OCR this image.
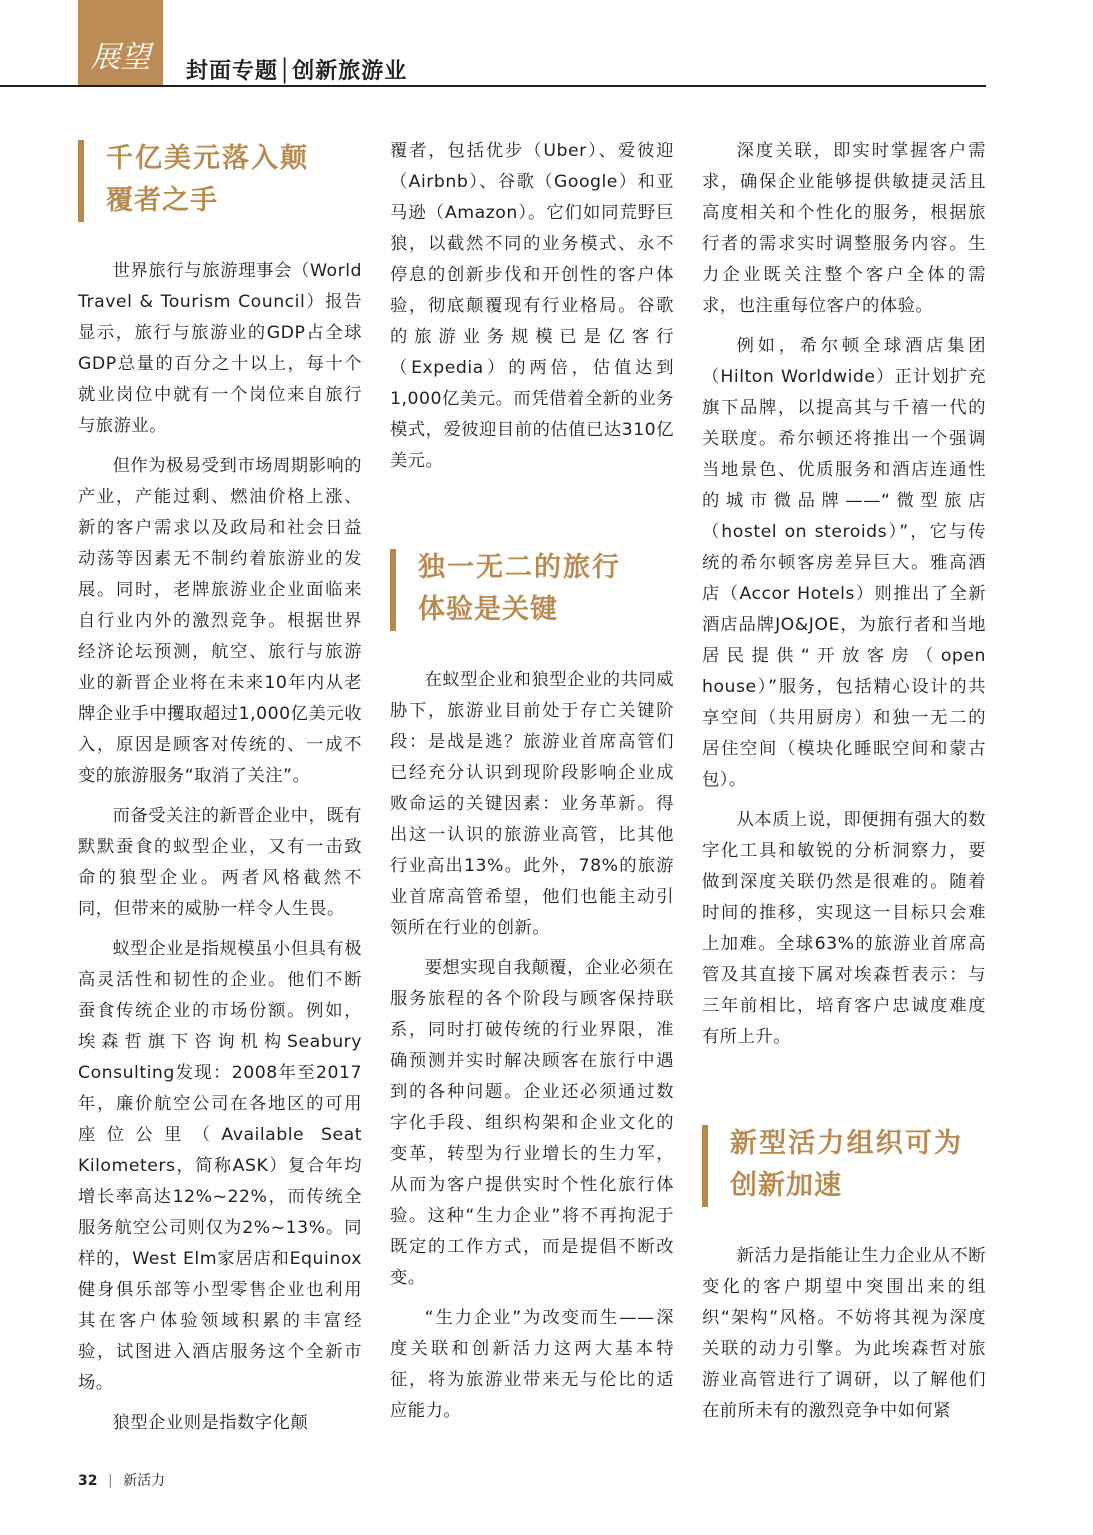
展望 封面专题│创新旅游业
千亿美元落入颠覆者之手

世界旅行与旅游理事会（World Travel & Tourism Council）报告显示，旅行与旅游业的GDP占全球GDP总量的百分之十以上，每十个就业岗位中就有一个岗位来自旅行与旅游业。

但作为极易受到市场周期影响的产业，产能过剩、燃油价格上涨、新的客户需求以及政局和社会日益动荡等因素无不制约着旅游业的发展。同时，老牌旅游业企业面临来自行业内外的激烈竞争。根据世界经济论坛预测，航空、旅行与旅游业的新晋企业将在未来10年内从老牌企业手中攫取超过1,000亿美元收入，原因是顾客对传统的、一成不变的旅游服务“取消了关注”。

而备受关注的新晋企业中，既有默默蚕食的蚁型企业，又有一击致命的狼型企业。两者风格截然不同，但带来的威胁一样令人生畏。

蚁型企业是指规模虽小但具有极高灵活性和韧性的企业。他们不断蚕食传统企业的市场份额。例如，埃森哲旗下咨询机构Seabury Consulting发现：2008年至2017年，廉价航空公司在各地区的可用座位公里（Available Seat Kilometers，简称ASK）复合年均增长率高达12%~22%，而传统全服务航空公司则仅为2%~13%。同样的，West Elm家居店和Equinox健身俱乐部等小型零售企业也利用其在客户体验领域积累的丰富经验，试图进入酒店服务这个全新市场。

狼型企业则是指数字化颠

覆者，包括优步（Uber）、爱彼迎（Airbnb）、谷歌（Google）和亚马逊（Amazon）。它们如同荒野巨狼，以截然不同的业务模式、永不停息的创新步伐和开创性的客户体验，彻底颠覆现有行业格局。谷歌的旅游业务规模已是亿客行（Expedia）的两倍，估值达到1,000亿美元。而凭借着全新的业务模式，爱彼迎目前的估值已达310亿美元。

独一无二的旅行体验是关键

在蚁型企业和狼型企业的共同威胁下，旅游业目前处于存亡关键阶段：是战是逃？旅游业首席高管们已经充分认识到现阶段影响企业成败命运的关键因素：业务革新。得出这一认识的旅游业高管，比其他行业高出13%。此外，78%的旅游业首席高管希望，他们也能主动引领所在行业的创新。

要想实现自我颠覆，企业必须在服务旅程的各个阶段与顾客保持联系，同时打破传统的行业界限，准确预测并实时解决顾客在旅行中遇到的各种问题。企业还必须通过数字化手段、组织构架和企业文化的变革，转型为行业增长的生力军，从而为客户提供实时个性化旅行体验。这种“生力企业”将不再拘泥于既定的工作方式，而是提倡不断改变。

“生力企业”为改变而生——深度关联和创新活力这两大基本特征，将为旅游业带来无与伦比的适应能力。

深度关联，即实时掌握客户需求，确保企业能够提供敏捷灵活且高度相关和个性化的服务，根据旅行者的需求实时调整服务内容。生力企业既关注整个客户全体的需求，也注重每位客户的体验。

例如，希尔顿全球酒店集团（Hilton Worldwide）正计划扩充旗下品牌，以提高其与千禧一代的关联度。希尔顿还将推出一个强调当地景色、优质服务和酒店连通性的城市微品牌——“微型旅店（hostel on steroids）”，它与传统的希尔顿客房差异巨大。雅高酒店（Accor Hotels）则推出了全新酒店品牌JO&JOE，为旅行者和当地居民提供“开放客房（open house）”服务，包括精心设计的共享空间（共用厨房）和独一无二的居住空间（模块化睡眠空间和蒙古包）。

从本质上说，即便拥有强大的数字化工具和敏锐的分析洞察力，要做到深度关联仍然是很难的。随着时间的推移，实现这一目标只会难上加难。全球63%的旅游业首席高管及其直接下属对埃森哲表示：与三年前相比，培育客户忠诚度难度有所上升。

新型活力组织可为创新加速

新活力是指能让生力企业从不断变化的客户期望中突围出来的组织“架构”风格。不妨将其视为深度关联的动力引擎。为此埃森哲对旅游业高管进行了调研，以了解他们在前所未有的激烈竞争中如何紧

32 | 新活力
